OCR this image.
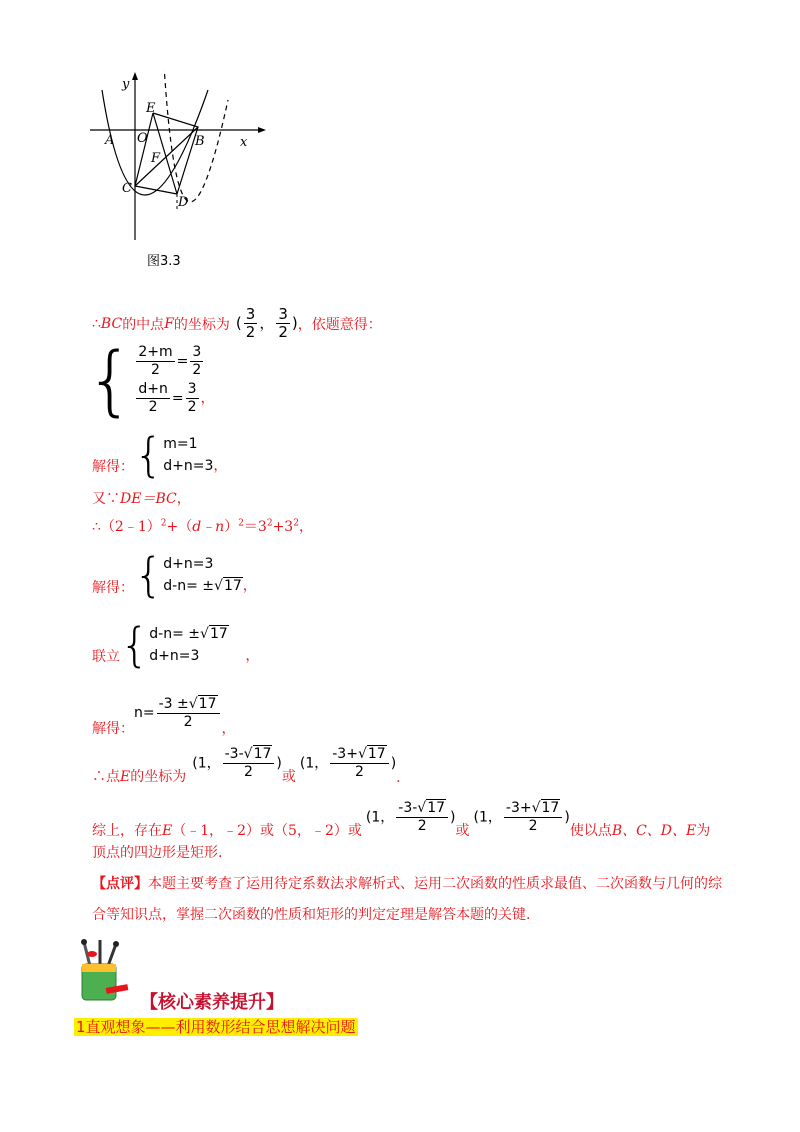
y
E
O
A	B	x
F
C
D
图3.3
∴ BC 的中点 F 的坐标为 ( $\frac{3}{2}$ ， $\frac{3}{2}$ ) ，依题意得：
{ $\frac{2+m}{2} = \frac{3}{2}$
$\frac{d+n}{2} = \frac{3}{2}$ ，
解得： { m=1
d+n=3，
又∵DE＝BC，
$\therefore(2﹣1)^2+(d﹣n)^2=3^2+3^2$，
解得： { d+n=3
d-n= ±√17，
联立 { d-n= ±√17
d+n=3	，
解得：
$n= \frac{-3 \pm√17}{2}$ ，
∴点E的坐标为
(1， $\frac{-3-√17}{2}$ )
或
(1， $\frac{-3+√17}{2}$ )
.
综上，存在E（﹣1，﹣2）或（5，﹣2）或
(1， $\frac{-3-√17}{2}$ )
或
(1， $\frac{-3+√17}{2}$ )
使以点B、C、D、E为
顶点的四边形是矩形.
【点评】本题主要考查了运用待定系数法求解析式、运用二次函数的性质求最值、二次函数与几何的综
合等知识点，掌握二次函数的性质和矩形的判定定理是解答本题的关键.
【核心素养提升】
1直观想象——利用数形结合思想解决问题
